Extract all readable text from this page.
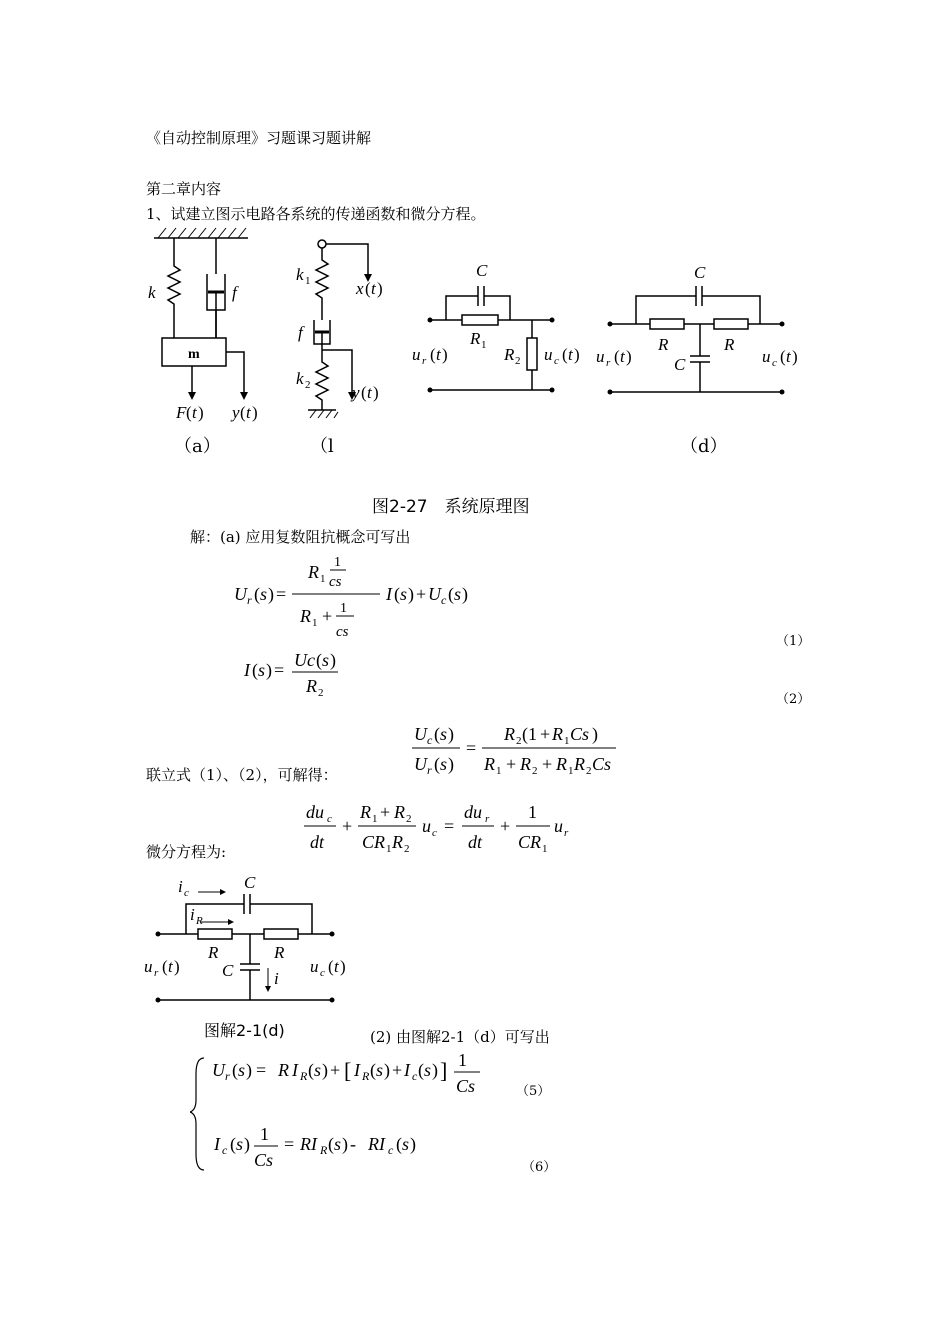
《自动控制原理》习题课习题讲解
第二章内容
1、试建立图示电路各系统的传递函数和微分方程。
m
k	f
F ( t ) y ( t )
k 1
f
k 2
x ( t )
y ( t )
C
R 1 R 2
u r ( t )	u c ( t )
C
R	R
C
u r ( t )	u c ( t )
（a）	（l	（d）
图2-27　系统原理图
解：(a) 应用复数阻抗概念可写出
U r ( s ) =
R 1
1
cs
R 1 + 1
cs
I ( s ) + U c ( s )
（1）
I ( s ) = Uc ( s )
R 2	（2）
U c ( s )
U r ( s )
=
R 2 (1 + R 1 Cs )
R 1 + R 2 + R 1 R 2 Cs
联立式（1）、（2），可解得：
du c
dt
+
R 1 + R 2
CR 1 R 2
u c =
du r
dt
+
1
CR 1
u r
微分方程为:
i c
C
i R
R	R
C i
u r ( t )	u c ( t )
图解2-1(d)	(2) 由图解2-1（d）可写出
U r ( s ) = R I R ( s ) + [ I R ( s ) + I c ( s ) ] 1
Cs
I c ( s ) 1
Cs
= RI R ( s ) - RI c ( s )
（5）
（6）
